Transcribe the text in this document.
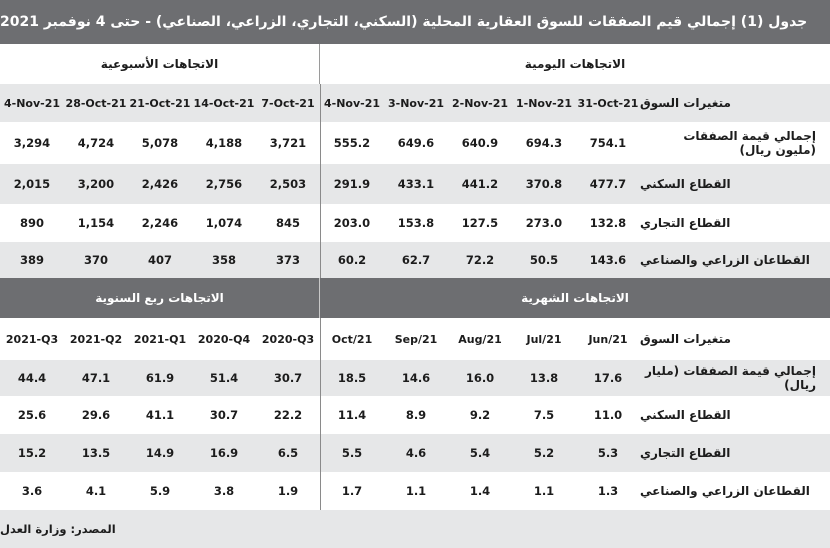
جدول (1) إجمالي قيم الصفقات للسوق العقارية المحلية (السكني، التجاري، الزراعي، الصناعي) - حتى 4 نوفمبر 2021
الاتجاهات الأسبوعية	الاتجاهات اليومية
4-Nov-21 28-Oct-21 21-Oct-21 14-Oct-21 7-Oct-21 4-Nov-21 3-Nov-21 2-Nov-21 1-Nov-21 31-Oct-21 متغيرات السوق
3,294	4,724	5,078	4,188	3,721	555.2	649.6	640.9	694.3	754.1	إجمالي قيمة الصفقات (مليون ريال)
2,015	3,200	2,426	2,756	2,503	291.9	433.1	441.2	370.8	477.7	القطاع السكني
890	1,154	2,246	1,074	845	203.0	153.8	127.5	273.0	132.8	القطاع التجاري
389	370	407	358	373	60.2	62.7	72.2	50.5	143.6	القطاعان الزراعي والصناعي
الاتجاهات ربع السنوية	الاتجاهات الشهرية
2021-Q3	2021-Q2	2021-Q1	2020-Q4	2020-Q3	Oct/21	Sep/21	Aug/21	Jul/21	Jun/21	متغيرات السوق
44.4	47.1	61.9	51.4	30.7	18.5	14.6	16.0	13.8	17.6	إجمالي قيمة الصفقات (مليار ريال)
25.6	29.6	41.1	30.7	22.2	11.4	8.9	9.2	7.5	11.0	القطاع السكني
15.2	13.5	14.9	16.9	6.5	5.5	4.6	5.4	5.2	5.3	القطاع التجاري
3.6	4.1	5.9	3.8	1.9	1.7	1.1	1.4	1.1	1.3	القطاعان الزراعي والصناعي
المصدر: وزارة العدل
